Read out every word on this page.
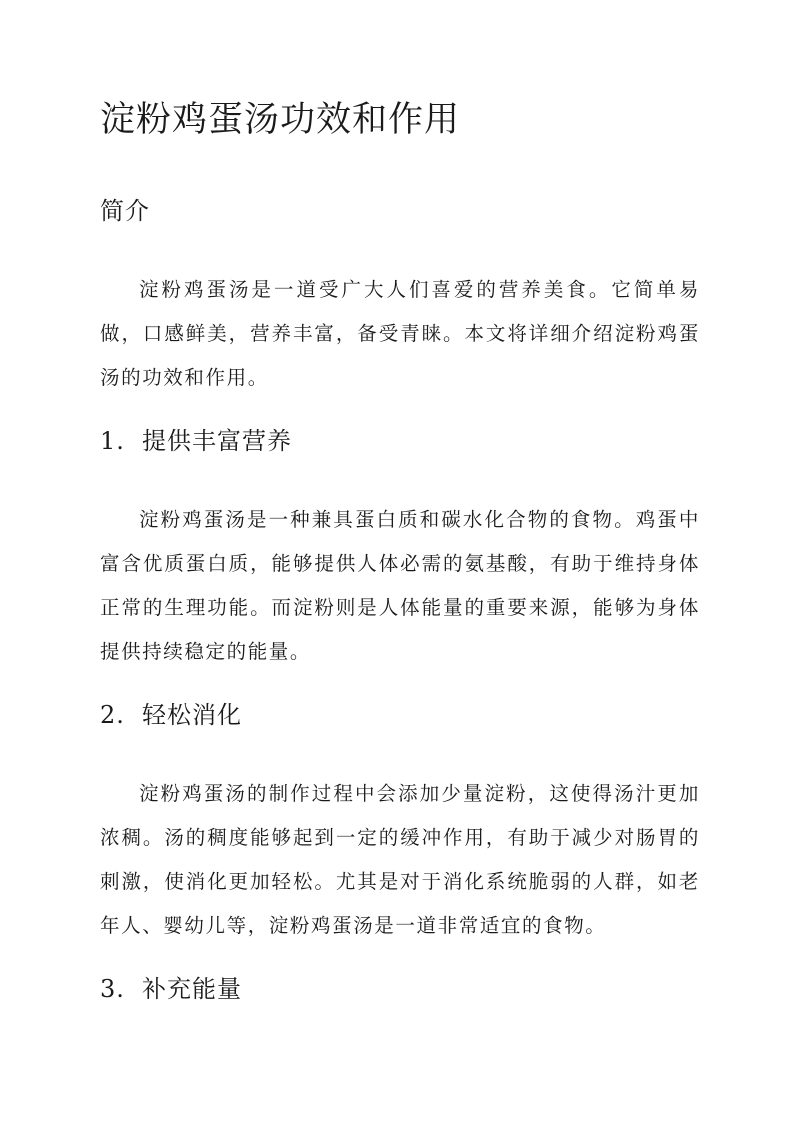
淀粉鸡蛋汤功效和作用
简介

淀粉鸡蛋汤是一道受广大人们喜爱的营养美食。它简单易做，口感鲜美，营养丰富，备受青睐。本文将详细介绍淀粉鸡蛋汤的功效和作用。

1. 提供丰富营养

淀粉鸡蛋汤是一种兼具蛋白质和碳水化合物的食物。鸡蛋中富含优质蛋白质，能够提供人体必需的氨基酸，有助于维持身体正常的生理功能。而淀粉则是人体能量的重要来源，能够为身体提供持续稳定的能量。

2. 轻松消化

淀粉鸡蛋汤的制作过程中会添加少量淀粉，这使得汤汁更加浓稠。汤的稠度能够起到一定的缓冲作用，有助于减少对肠胃的刺激，使消化更加轻松。尤其是对于消化系统脆弱的人群，如老年人、婴幼儿等，淀粉鸡蛋汤是一道非常适宜的食物。

3. 补充能量
